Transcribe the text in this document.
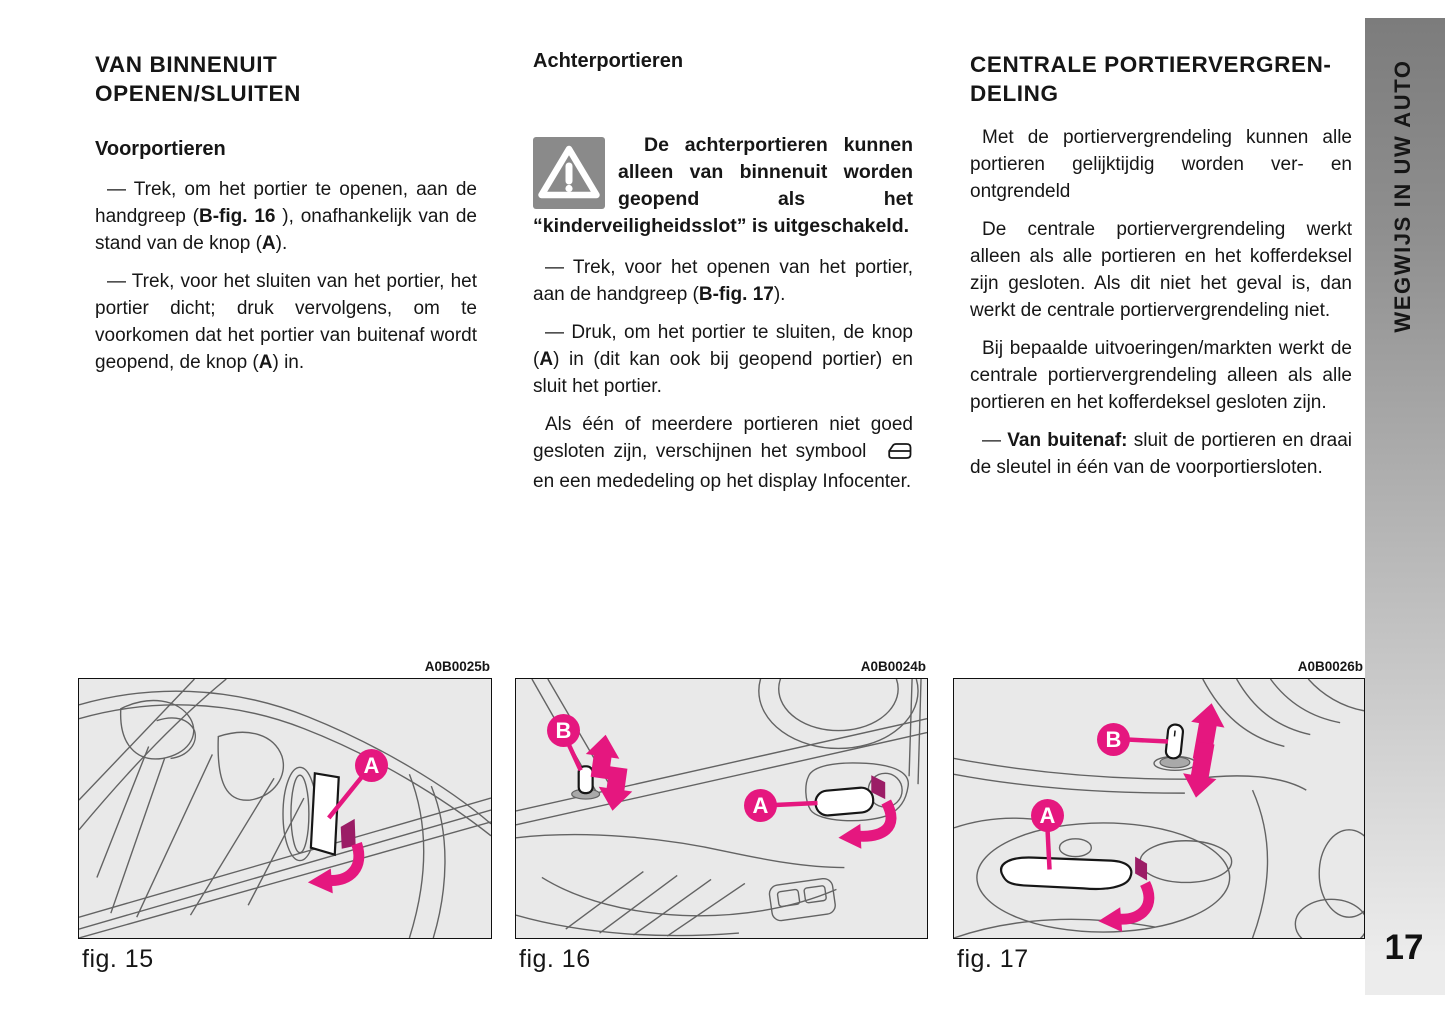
VAN BINNENUIT
OPENEN/SLUITEN
Voorportieren

— Trek, om het portier te openen, aan de handgreep (B-fig. 16 ), onafhankelijk van de stand van de knop (A).

— Trek, voor het sluiten van het portier, het portier dicht; druk vervolgens, om te voorkomen dat het portier van buitenaf wordt geopend, de knop (A) in.

Achterportieren

De achterportieren kunnen alleen van binnenuit worden geopend als het “kinderveiligheidsslot” is uitgeschakeld.

— Trek, voor het openen van het portier, aan de handgreep (B-fig. 17).

— Druk, om het portier te sluiten, de knop (A) in (dit kan ook bij geopend portier) en sluit het portier.

Als één of meerdere portieren niet goed gesloten zijn, verschijnen het symbool  en een mededeling op het display Infocenter.

CENTRALE PORTIERVERGREN-
DELING

Met de portiervergrendeling kunnen alle portieren gelijktijdig worden ver- en ontgrendeld

De centrale portiervergrendeling werkt alleen als alle portieren en het kofferdeksel zijn gesloten. Als dit niet het geval is, dan werkt de centrale portiervergrendeling niet.

Bij bepaalde uitvoeringen/markten werkt de centrale portiervergrendeling alleen als alle portieren en het kofferdeksel gesloten zijn.

— Van buitenaf: sluit de portieren en draai de sleutel in één van de voorportiersloten.

A0B0025b
A
fig. 15
A0B0024b
B
A
fig. 16
A0B0026b
B
A
fig. 17
WEGWIJS IN UW AUTO
17
